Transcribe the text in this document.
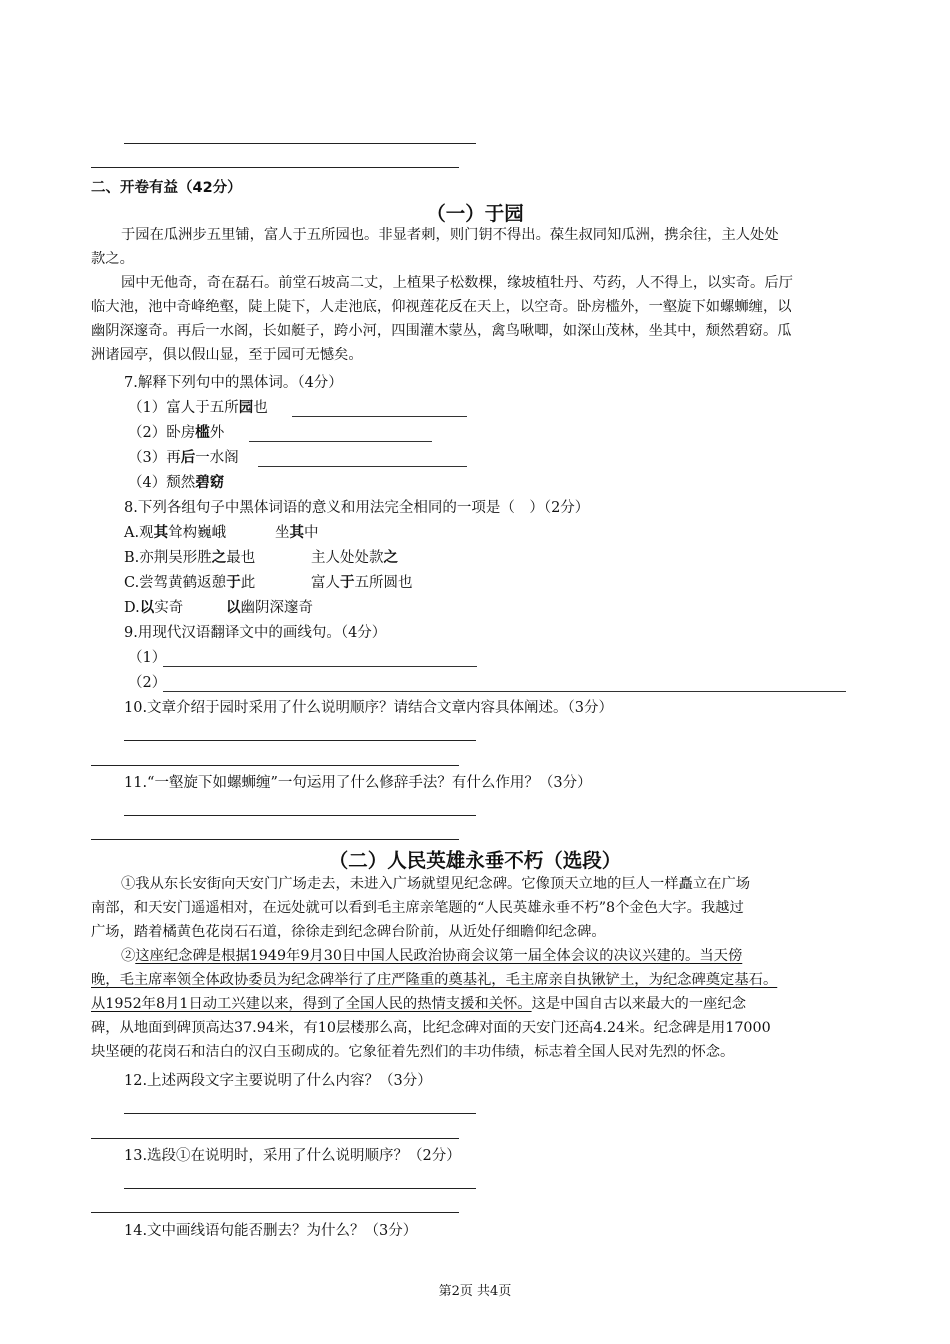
二、开卷有益（42分）
（一）于园
于园在瓜洲步五里铺，富人于五所园也。非显者刺，则门钥不得出。葆生叔同知瓜洲，携余往，主人处处
款之。
园中无他奇，奇在磊石。前堂石坡高二丈，上植果子松数棵，缘坡植牡丹、芍药，人不得上，以实奇。后厅
临大池，池中奇峰绝壑，陡上陡下，人走池底，仰视莲花反在天上，以空奇。卧房槛外，一壑旋下如螺蛳缠，以
幽阴深邃奇。再后一水阁，长如艇子，跨小河，四围灌木蒙丛，禽鸟啾唧，如深山茂林，坐其中，颓然碧窈。瓜
洲诸园亭，俱以假山显，至于园可无憾矣。
7.解释下列句中的黑体词。（4分）
（1）富人于五所园也
（2）卧房槛外
（3）再后一水阁
（4）颓然碧窈
8.下列各组句子中黑体词语的意义和用法完全相同的一项是（　）（2分）
A.观其耸构巍峨	坐其中
B.亦荆吴形胜之最也	主人处处款之
C.尝驾黄鹤返憩于此	富人于五所圆也
D.以实奇	以幽阴深邃奇
9.用现代汉语翻译文中的画线句。（4分）
（1）
（2）
10.文章介绍于园时采用了什么说明顺序？请结合文章内容具体阐述。（3分）
11.“一壑旋下如螺蛳缠”一句运用了什么修辞手法？有什么作用？（3分）
（二）人民英雄永垂不朽（选段）
①我从东长安街向天安门广场走去，未进入广场就望见纪念碑。它像顶天立地的巨人一样矗立在广场
南部，和天安门遥遥相对，在远处就可以看到毛主席亲笔题的“人民英雄永垂不朽”8个金色大字。我越过
广场，踏着橘黄色花岗石石道，徐徐走到纪念碑台阶前，从近处仔细瞻仰纪念碑。
②这座纪念碑是根据1949年9月30日中国人民政治协商会议第一届全体会议的决议兴建的。当天傍
晚，毛主席率领全体政协委员为纪念碑举行了庄严隆重的奠基礼，毛主席亲自执锹铲土，为纪念碑奠定基石。
从1952年8月1日动工兴建以来，得到了全国人民的热情支援和关怀。这是中国自古以来最大的一座纪念
碑，从地面到碑顶高达37.94米，有10层楼那么高，比纪念碑对面的天安门还高4.24米。纪念碑是用17000
块坚硬的花岗石和洁白的汉白玉砌成的。它象征着先烈们的丰功伟绩，标志着全国人民对先烈的怀念。
12.上述两段文字主要说明了什么内容？（3分）
13.选段①在说明时，采用了什么说明顺序？（2分）
14.文中画线语句能否删去？为什么？（3分）
第2页 共4页
